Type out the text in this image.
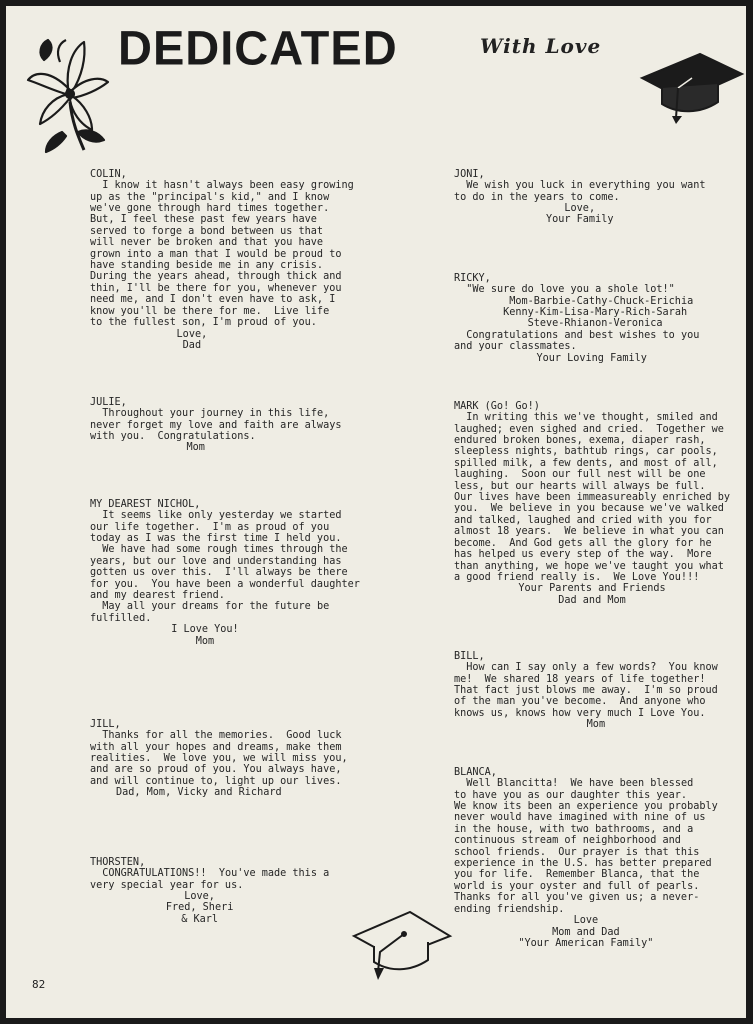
DEDICATED	With Love

COLIN,
I know it hasn't always been easy growing
up as the "principal's kid," and I know
we've gone through hard times together.
But, I feel these past few years have
served to forge a bond between us that
will never be broken and that you have
grown into a man that I would be proud to
have standing beside me in any crisis.
During the years ahead, through thick and
thin, I'll be there for you, whenever you
need me, and I don't even have to ask, I
know you'll be there for me.  Live life
to the fullest son, I'm proud of you.
Love,
Dad

JULIE,
Throughout your journey in this life,
never forget my love and faith are always
with you.  Congratulations.
Mom

MY DEAREST NICHOL,
It seems like only yesterday we started
our life together.  I'm as proud of you
today as I was the first time I held you.
We have had some rough times through the
years, but our love and understanding has
gotten us over this.  I'll always be there
for you.  You have been a wonderful daughter
and my dearest friend.
May all your dreams for the future be
fulfilled.
I Love You!
Mom

JILL,
Thanks for all the memories.  Good luck
with all your hopes and dreams, make them
realities.  We love you, we will miss you,
and are so proud of you. You always have,
and will continue to, light up our lives.
Dad, Mom, Vicky and Richard

THORSTEN,
CONGRATULATIONS!!  You've made this a
very special year for us.
Love,
Fred, Sheri
& Karl

JONI,
We wish you luck in everything you want
to do in the years to come.
Love,
Your Family

RICKY,
"We sure do love you a shole lot!"
Mom-Barbie-Cathy-Chuck-Erichia
Kenny-Kim-Lisa-Mary-Rich-Sarah
Steve-Rhianon-Veronica
Congratulations and best wishes to you
and your classmates.
Your Loving Family

MARK (Go! Go!)
In writing this we've thought, smiled and
laughed; even sighed and cried.  Together we
endured broken bones, exema, diaper rash,
sleepless nights, bathtub rings, car pools,
spilled milk, a few dents, and most of all,
laughing.  Soon our full nest will be one
less, but our hearts will always be full.
Our lives have been immeasureably enriched by
you.  We believe in you because we've walked
and talked, laughed and cried with you for
almost 18 years.  We believe in what you can
become.  And God gets all the glory for he
has helped us every step of the way.  More
than anything, we hope we've taught you what
a good friend really is.  We Love You!!!
Your Parents and Friends
Dad and Mom

BILL,
How can I say only a few words?  You know
me!  We shared 18 years of life together!
That fact just blows me away.  I'm so proud
of the man you've become.  And anyone who
knows us, knows how very much I Love You.
Mom

BLANCA,
Well Blancitta!  We have been blessed
to have you as our daughter this year.
We know its been an experience you probably
never would have imagined with nine of us
in the house, with two bathrooms, and a
continuous stream of neighborhood and
school friends.  Our prayer is that this
experience in the U.S. has better prepared
you for life.  Remember Blanca, that the
world is your oyster and full of pearls.
Thanks for all you've given us; a never-
ending friendship.
Love
Mom and Dad
"Your American Family"

82
